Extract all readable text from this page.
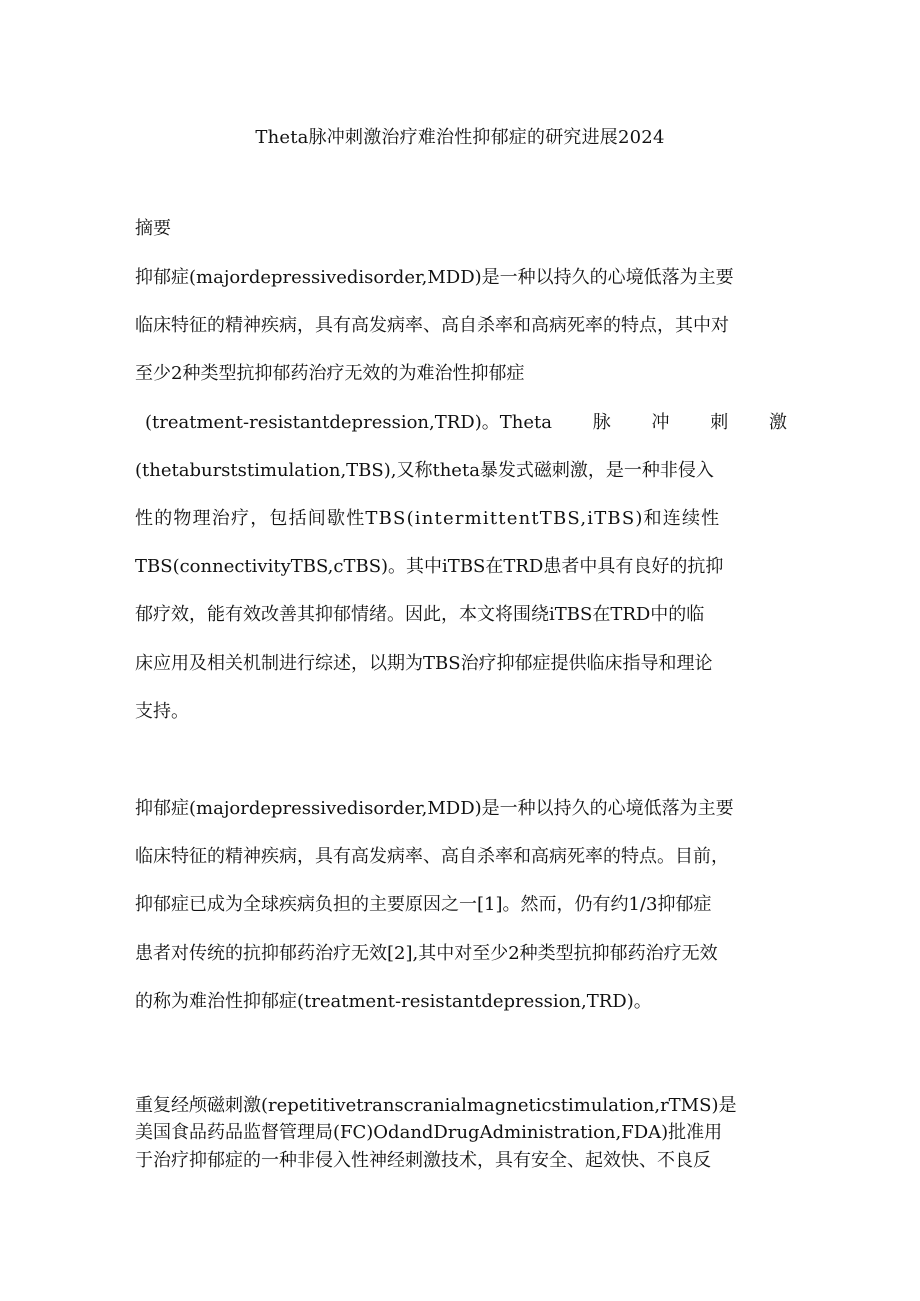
Theta脉冲刺激治疗难治性抑郁症的研究进展2024
摘要
抑郁症(majordepressivedisorder,MDD)是一种以持久的心境低落为主要
临床特征的精神疾病，具有高发病率、高自杀率和高病死率的特点，其中对
至少2种类型抗抑郁药治疗无效的为难治性抑郁症
(treatment-resistantdepression,TRD)。Theta 脉 冲 刺 激
(thetaburststimulation,TBS),又称theta暴发式磁刺激，是一种非侵入
性的物理治疗，包括间歇性TBS(intermittentTBS,iTBS)和连续性
TBS(connectivityTBS,cTBS)。其中iTBS在TRD患者中具有良好的抗抑
郁疗效，能有效改善其抑郁情绪。因此，本文将围绕iTBS在TRD中的临
床应用及相关机制进行综述，以期为TBS治疗抑郁症提供临床指导和理论
支持。
抑郁症(majordepressivedisorder,MDD)是一种以持久的心境低落为主要
临床特征的精神疾病，具有高发病率、高自杀率和高病死率的特点。目前，
抑郁症已成为全球疾病负担的主要原因之一[1]。然而，仍有约1/3抑郁症
患者对传统的抗抑郁药治疗无效[2],其中对至少2种类型抗抑郁药治疗无效
的称为难治性抑郁症(treatment-resistantdepression,TRD)。
重复经颅磁刺激(repetitivetranscranialmagneticstimulation,rTMS)是
美国食品药品监督管理局(FC)OdandDrugAdministration,FDA)批准用
于治疗抑郁症的一种非侵入性神经刺激技术，具有安全、起效快、不良反
